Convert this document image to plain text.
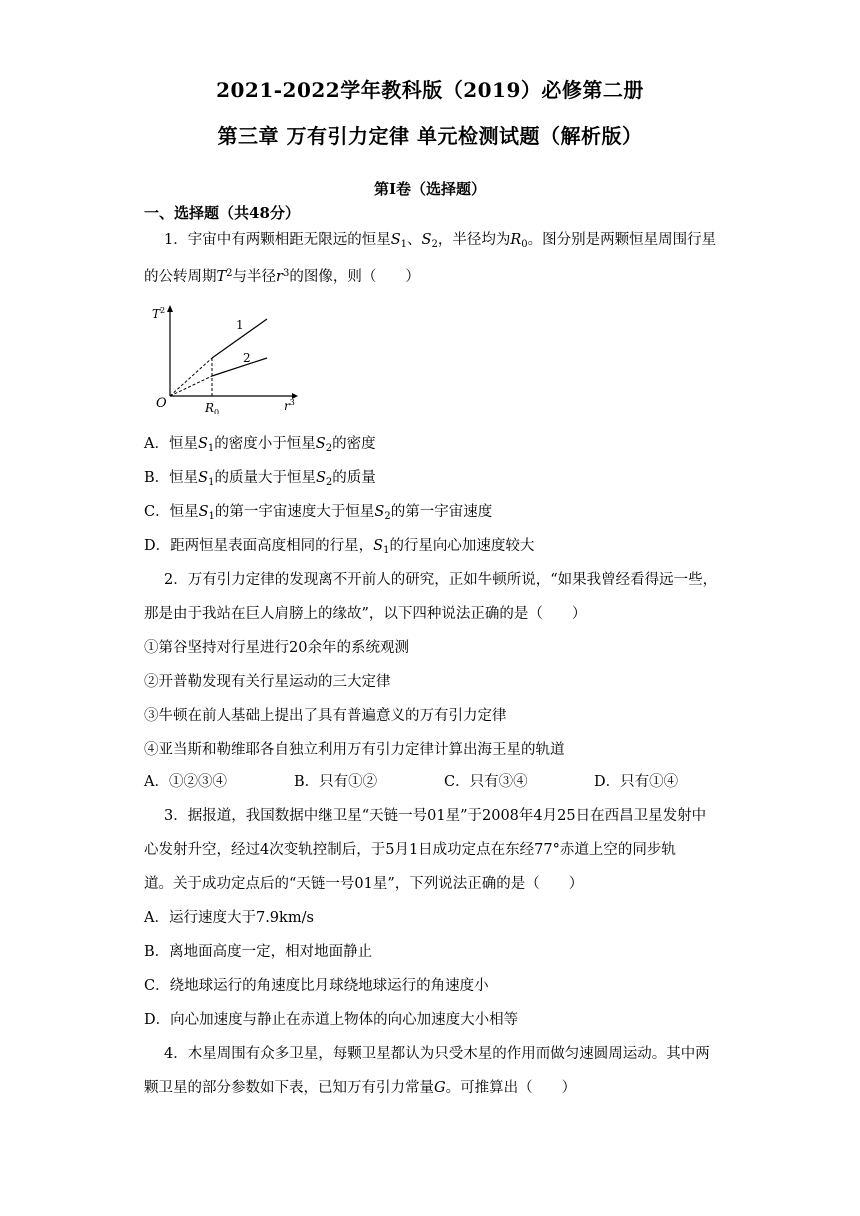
2021-2022学年教科版（2019）必修第二册
第三章 万有引力定律 单元检测试题（解析版）
第Ⅰ卷（选择题）
一、选择题（共48分）
1．宇宙中有两颗相距无限远的恒星$S_1$、$S_2$，半径均为$R_0$。图分别是两颗恒星周围行星
的公转周期$T^2$与半径$r^3$的图像，则（　　）
$T^2$
$r^3$
O	$R_0$
1
2
A．恒星$S_1$的密度小于恒星$S_2$的密度
B．恒星$S_1$的质量大于恒星$S_2$的质量
C．恒星$S_1$的第一宇宙速度大于恒星$S_2$的第一宇宙速度
D．距两恒星表面高度相同的行星，$S_1$的行星向心加速度较大
2．万有引力定律的发现离不开前人的研究，正如牛顿所说，“如果我曾经看得远一些，
那是由于我站在巨人肩膀上的缘故”，以下四种说法正确的是（　　）
①第谷坚持对行星进行20余年的系统观测
②开普勒发现有关行星运动的三大定律
③牛顿在前人基础上提出了具有普遍意义的万有引力定律
④亚当斯和勒维耶各自独立利用万有引力定律计算出海王星的轨道
A．①②③④	B．只有①②	C．只有③④	D．只有①④
3．据报道，我国数据中继卫星“天链一号01星”于2008年4月25日在西昌卫星发射中
心发射升空，经过4次变轨控制后，于5月1日成功定点在东经77°赤道上空的同步轨
道。关于成功定点后的“天链一号01星”，下列说法正确的是（　　）
A．运行速度大于7.9km/s
B．离地面高度一定，相对地面静止
C．绕地球运行的角速度比月球绕地球运行的角速度小
D．向心加速度与静止在赤道上物体的向心加速度大小相等
4．木星周围有众多卫星，每颗卫星都认为只受木星的作用而做匀速圆周运动。其中两
颗卫星的部分参数如下表，已知万有引力常量G。可推算出（　　）
